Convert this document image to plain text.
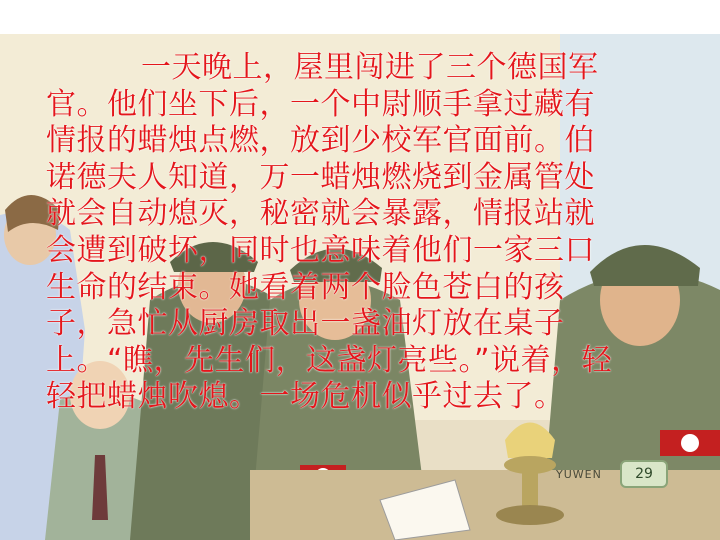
一天晚上，屋里闯进了三个德国军
官。他们坐下后，一个中尉顺手拿过藏有
情报的蜡烛点燃，放到少校军官面前。伯
诺德夫人知道，万一蜡烛燃烧到金属管处
就会自动熄灭，秘密就会暴露，情报站就
会遭到破坏，同时也意味着他们一家三口
生命的结束。她看着两个脸色苍白的孩
子，急忙从厨房取出一盏油灯放在桌子
上。“瞧，先生们，这盏灯亮些。”说着，轻
轻把蜡烛吹熄。一场危机似乎过去了。
29
YUWEN
